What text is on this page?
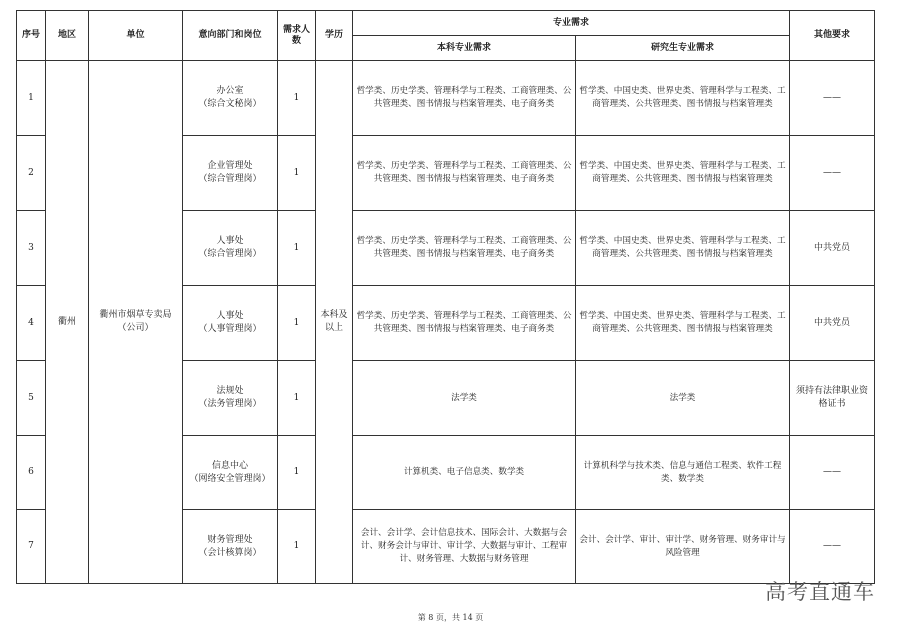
序号	地区	单位	意向部门和岗位	需求人数	学历	专业需求		其他要求
						本科专业需求	研究生专业需求	
1	衢州	衢州市烟草专卖局（公司）	办公室
（综合文秘岗）	1	本科及以上	哲学类、历史学类、管理科学与工程类、工商管理类、公共管理类、图书情报与档案管理类、电子商务类	哲学类、中国史类、世界史类、管理科学与工程类、工商管理类、公共管理类、图书情报与档案管理类	——
2			企业管理处
（综合管理岗）	1		哲学类、历史学类、管理科学与工程类、工商管理类、公共管理类、图书情报与档案管理类、电子商务类	哲学类、中国史类、世界史类、管理科学与工程类、工商管理类、公共管理类、图书情报与档案管理类	——
3			人事处
（综合管理岗）	1		哲学类、历史学类、管理科学与工程类、工商管理类、公共管理类、图书情报与档案管理类、电子商务类	哲学类、中国史类、世界史类、管理科学与工程类、工商管理类、公共管理类、图书情报与档案管理类	中共党员
4			人事处
（人事管理岗）	1		哲学类、历史学类、管理科学与工程类、工商管理类、公共管理类、图书情报与档案管理类、电子商务类	哲学类、中国史类、世界史类、管理科学与工程类、工商管理类、公共管理类、图书情报与档案管理类	中共党员
5			法规处
（法务管理岗）	1		法学类	法学类	须持有法律职业资格证书
6			信息中心
（网络安全管理岗）	1		计算机类、电子信息类、数学类	计算机科学与技术类、信息与通信工程类、软件工程类、数学类	——
7			财务管理处
（会计核算岗）	1		会计、会计学、会计信息技术、国际会计、大数据与会计、财务会计与审计、审计学、大数据与审计、工程审计、财务管理、大数据与财务管理	会计、会计学、审计、审计学、财务管理、财务审计与风险管理	——
第 8 页，共 14 页
高考直通车
